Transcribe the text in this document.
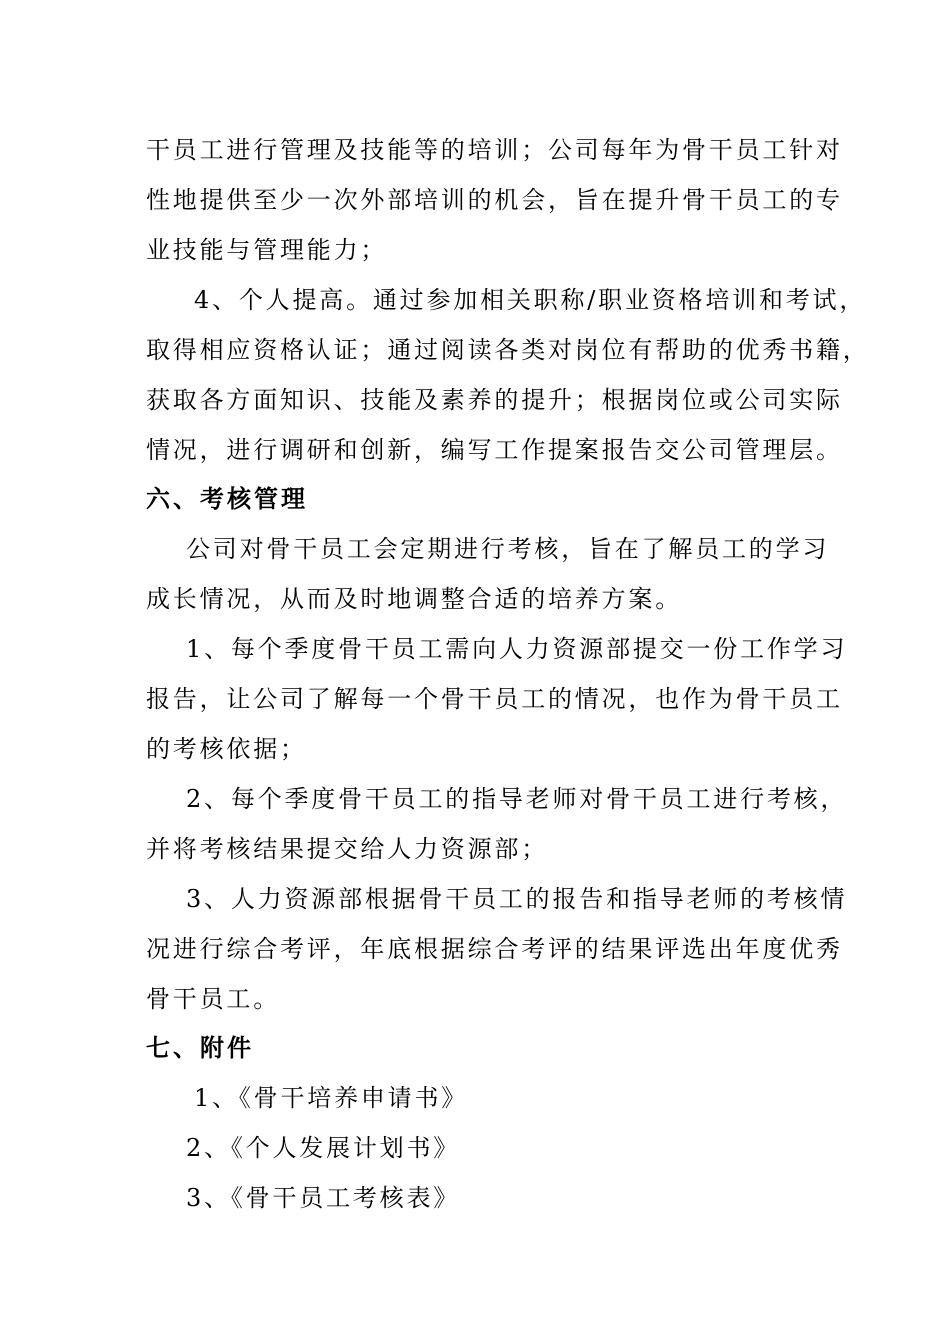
干员工进行管理及技能等的培训；公司每年为骨干员工针对
性地提供至少一次外部培训的机会，旨在提升骨干员工的专
业技能与管理能力；
4、个人提高。通过参加相关职称/职业资格培训和考试，
取得相应资格认证；通过阅读各类对岗位有帮助的优秀书籍，
获取各方面知识、技能及素养的提升；根据岗位或公司实际
情况，进行调研和创新，编写工作提案报告交公司管理层。
六、考核管理
公司对骨干员工会定期进行考核，旨在了解员工的学习
成长情况，从而及时地调整合适的培养方案。
1、每个季度骨干员工需向人力资源部提交一份工作学习
报告，让公司了解每一个骨干员工的情况，也作为骨干员工
的考核依据；
2、每个季度骨干员工的指导老师对骨干员工进行考核，
并将考核结果提交给人力资源部；
3、人力资源部根据骨干员工的报告和指导老师的考核情
况进行综合考评，年底根据综合考评的结果评选出年度优秀
骨干员工。
七、附件
1、《骨干培养申请书》
2、《个人发展计划书》
3、《骨干员工考核表》
